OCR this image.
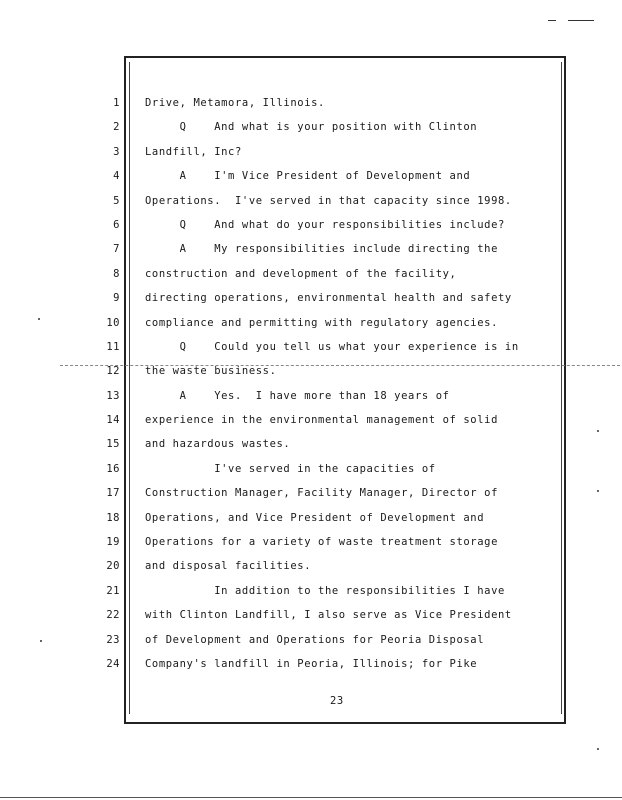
1 Drive, Metamora, Illinois.
2 Q    And what is your position with Clinton
3 Landfill, Inc?
4 A    I'm Vice President of Development and
5 Operations.  I've served in that capacity since 1998.
6 Q    And what do your responsibilities include?
7 A    My responsibilities include directing the
8 construction and development of the facility,
9 directing operations, environmental health and safety
10 compliance and permitting with regulatory agencies.
11 Q    Could you tell us what your experience is in
12 the waste business.
13 A    Yes.  I have more than 18 years of
14 experience in the environmental management of solid
15 and hazardous wastes.
16 I've served in the capacities of
17 Construction Manager, Facility Manager, Director of
18 Operations, and Vice President of Development and
19 Operations for a variety of waste treatment storage
20 and disposal facilities.
21 In addition to the responsibilities I have
22 with Clinton Landfill, I also serve as Vice President
23 of Development and Operations for Peoria Disposal
24 Company's landfill in Peoria, Illinois; for Pike
23
